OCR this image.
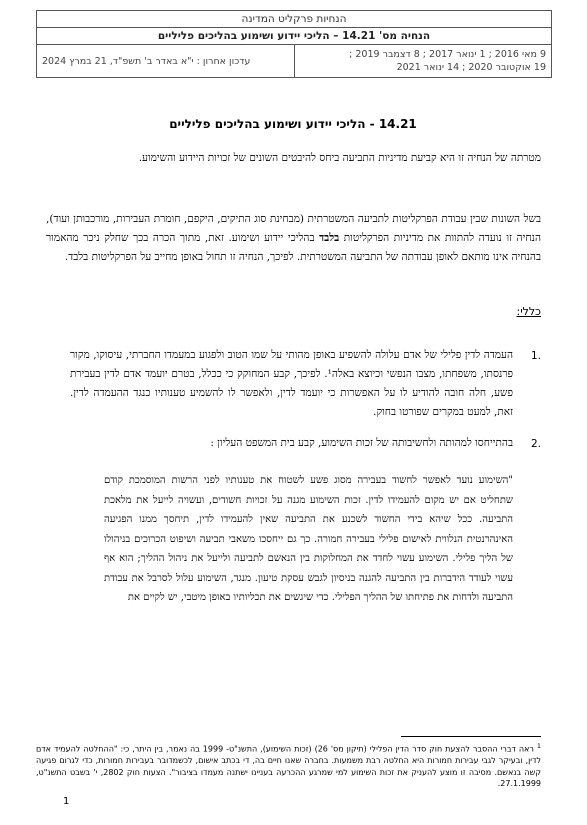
הנחיות פרקליט המדינה
הנחיה מס' 14.21 – הליכי יידוע ושימוע בהליכים פליליים
9 מאי 2016 ; 1 ינואר 2017 ; 8 דצמבר 2019 ;
19 אוקטובר 2020 ; 14 ינואר 2021
עדכון אחרון : י"א באדר ב' תשפ"ד, 21 במרץ 2024
14.21 - הליכי יידוע ושימוע בהליכים פליליים
מטרתה של הנחיה זו היא קביעת מדיניות התביעה ביחס להיבטים השונים של זכויות היידוע והשימוע.
בשל השונות שבין עבודת הפרקליטות לתביעה המשטרתית (מבחינת סוג התיקים, היקפם, חומרת העבירות, מורכבותן ועוד), הנחיה זו נועדה להתוות את מדיניות הפרקליטות בלבד בהליכי יידוע ושימוע. זאת, מתוך הכרה בכך שחלק ניכר מהאמור בהנחיה אינו מותאם לאופן עבודתה של התביעה המשטרתית. לפיכך, הנחיה זו תחול באופן מחייב על הפרקליטות בלבד.
כללי:
1.
העמדה לדין פלילי של אדם עלולה להשפיע באופן מהותי על שמו הטוב ולפגוע במעמדו החברתי, עיסוקו, מקור פרנסתו, משפחתו, מצבו הנפשי וכיוצא באלה¹. לפיכך, קבע המחוקק כי ככלל, בטרם יועמד אדם לדין בעבירת פשע, חלה חובה להודיע לו על האפשרות כי יועמד לדין, ולאפשר לו להשמיע טענותיו כנגד ההעמדה לדין. זאת, למעט במקרים שפורטו בחוק.
2.
בהתייחסו למהותה ולחשיבותה של זכות השימוע, קבע בית המשפט העליון :
"השימוע נועד לאפשר לחשוד בעבירה מסוג פשע לשטוח את טענותיו לפני הרשות המוסמכת קודם שתחליט אם יש מקום להעמידו לדין. זכות השימוע מגנה על זכויות חשודים, ועשויה לייעל את מלאכת התביעה. ככל שיהא בידי החשוד לשכנע את התביעה שאין להעמידו לדין, תיחסך ממנו הפגיעה האינהרנטית הנלווית לאישום פלילי בעבירה חמורה. כך גם ייחסכו משאבי תביעה ושיפוט הכרוכים בניהולו של הליך פלילי. השימוע עשוי לחדד את המחלוקות בין הנאשם לתביעה ולייעל את ניהול ההליך; הוא אף עשוי לעודד הידברות בין התביעה להגנה בניסיון לגבש עסקת טיעון. מנגד, השימוע עלול לסרבל את עבודת התביעה ולדחות את פתיחתו של ההליך הפלילי. כדי שיגשים את תכליותיו באופן מיטבי, יש לקיים את
$^1$ ראה דברי ההסבר להצעת חוק סדר הדין הפלילי (תיקון מס' 26) (זכות השימוע), התשנ"ט- 1999 בה נאמר, בין היתר, כי: "ההחלטה להעמיד אדם לדין, ובעיקר לגבי עבירות חמורות היא החלטה רבת משמעות. בחברה שאנו חיים בה, די בכתב אישום, לכשמדובר בעבירות חמורות, כדי לגרום פגיעה קשה בנאשם. מסיבה זו מוצע להעניק את זכות השימוע למי שמרגע ההכרעה בעניינו ישתנה מעמדו בציבור". הצעות חוק 2802, י' בשבט התשנ"ט, 27.1.1999.
1
